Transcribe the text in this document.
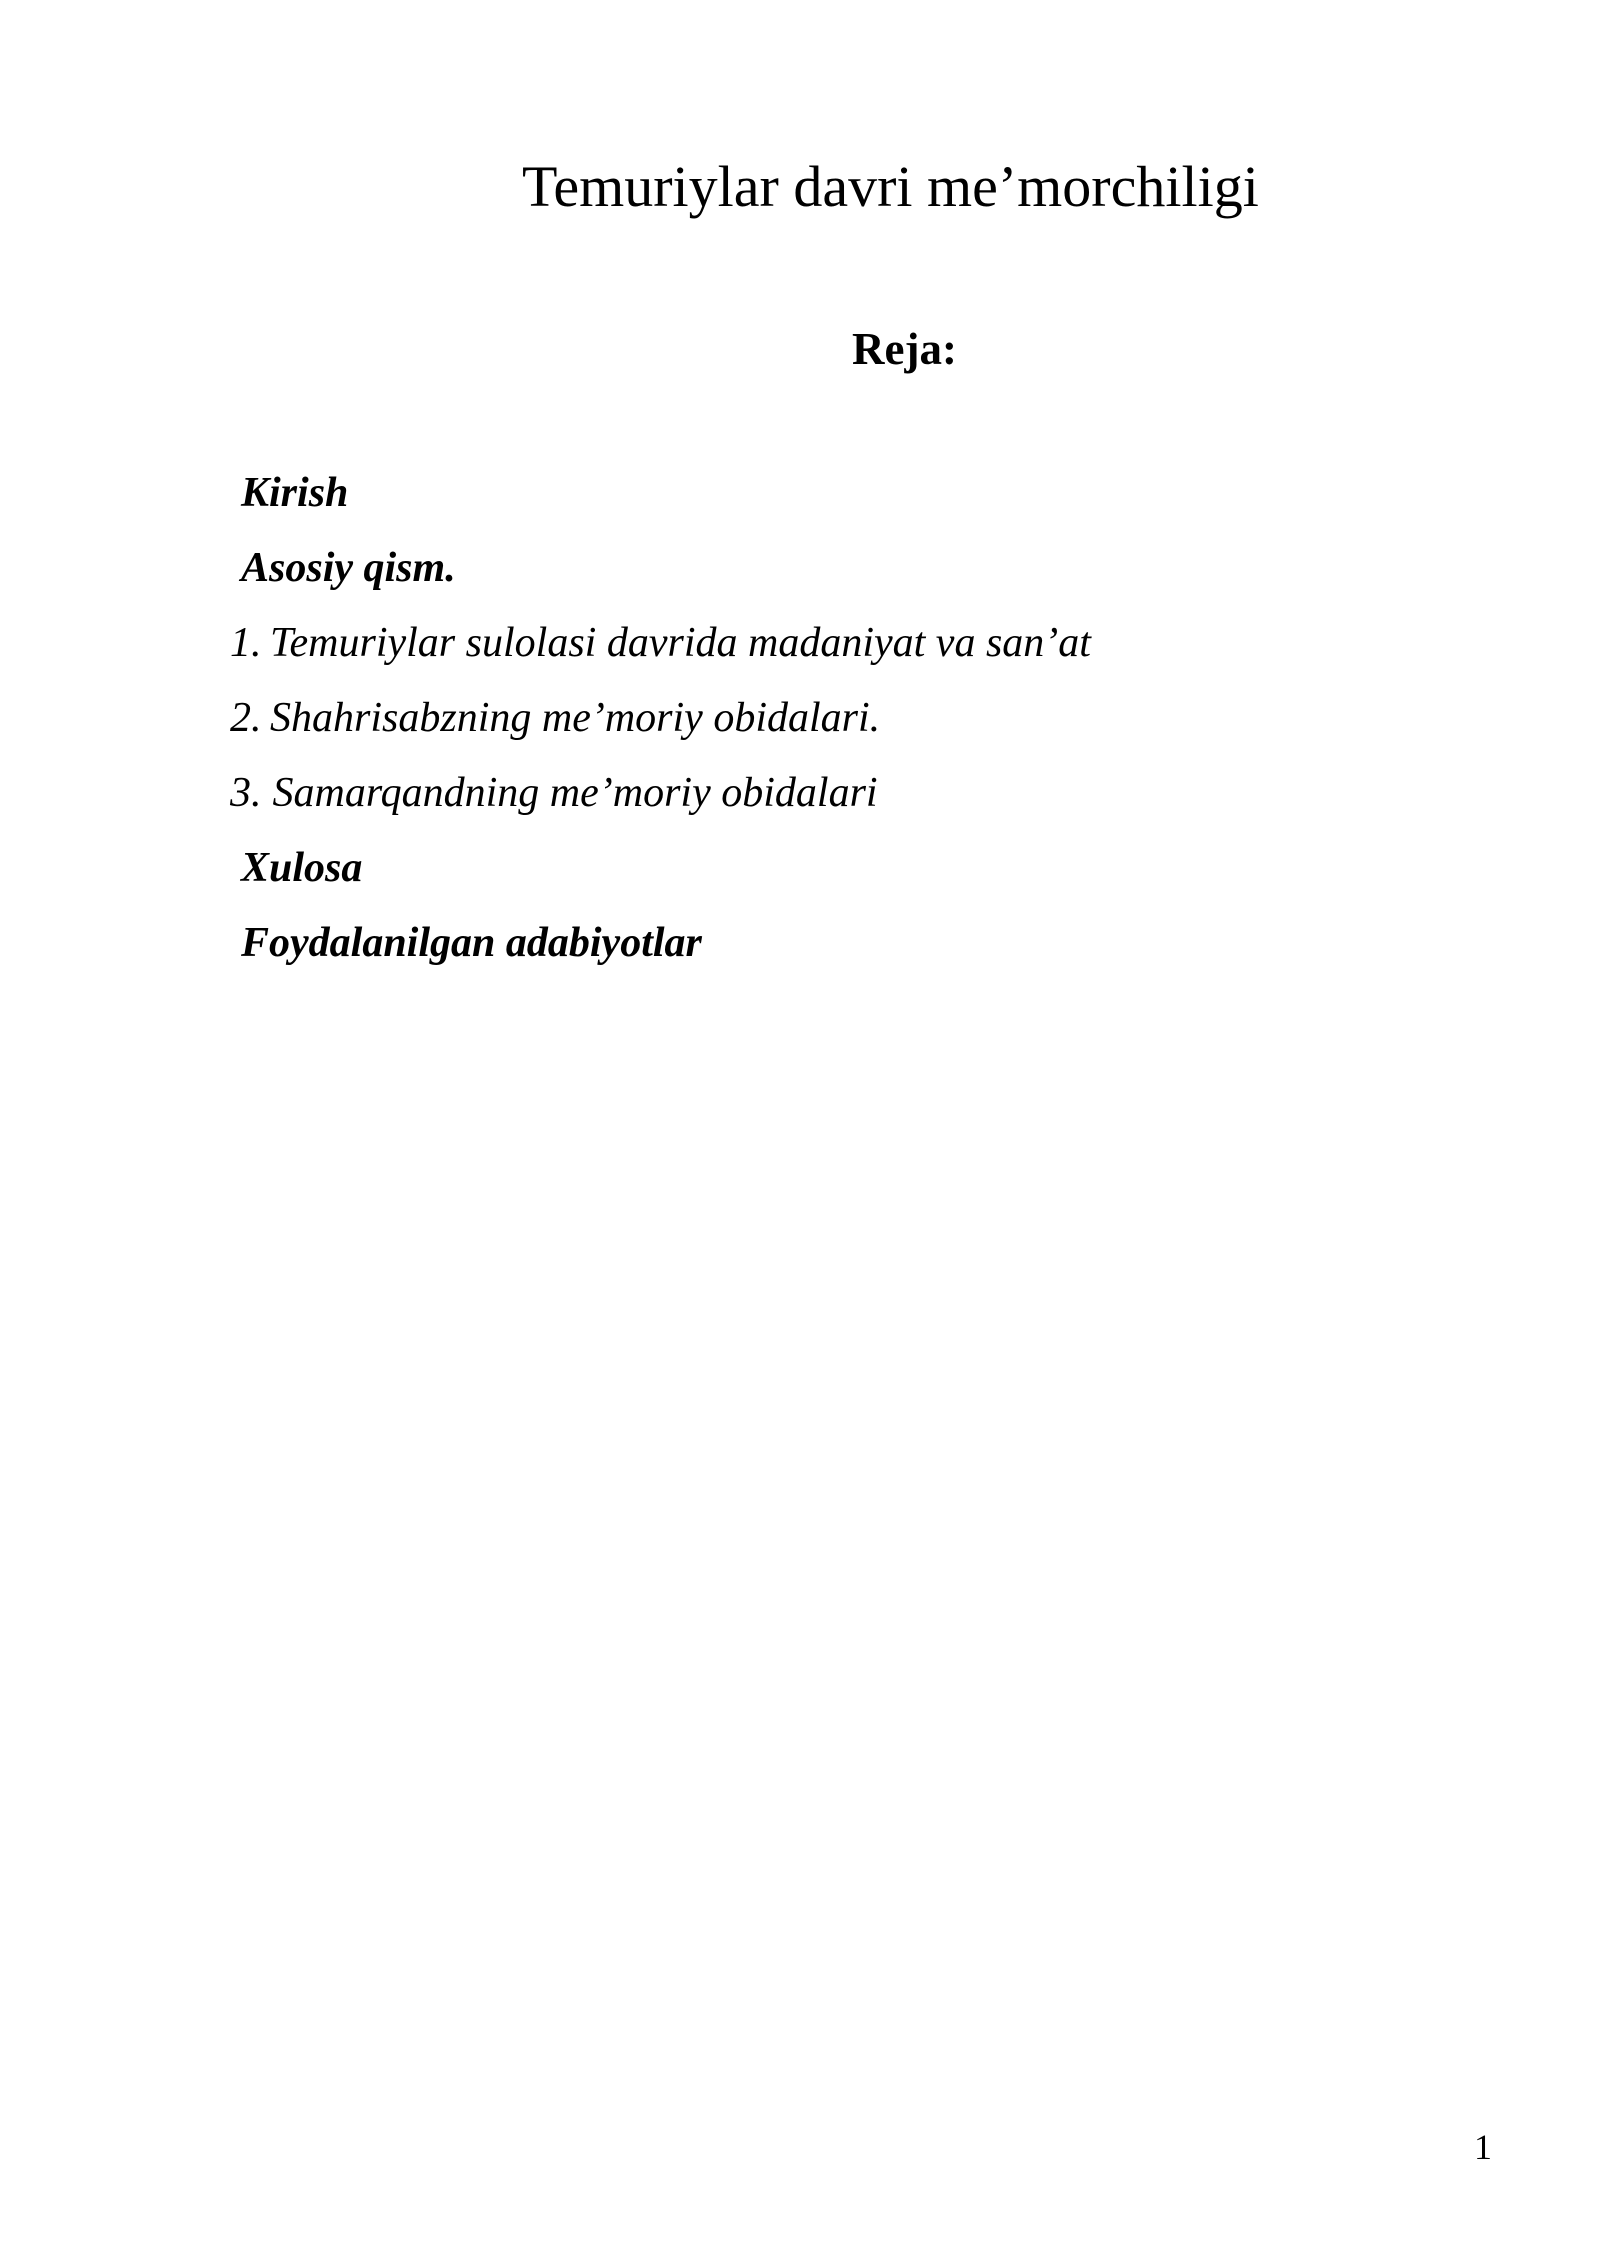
Temuriylar davri me’morchiligi
Reja:
Kirish
Asosiy qism.
1. Temuriylar sulolasi davrida madaniyat va san’at
2. Shahrisabzning me’moriy obidalari.
3. Samarqandning me’moriy obidalari
Xulosa
Foydalanilgan adabiyotlar
1
